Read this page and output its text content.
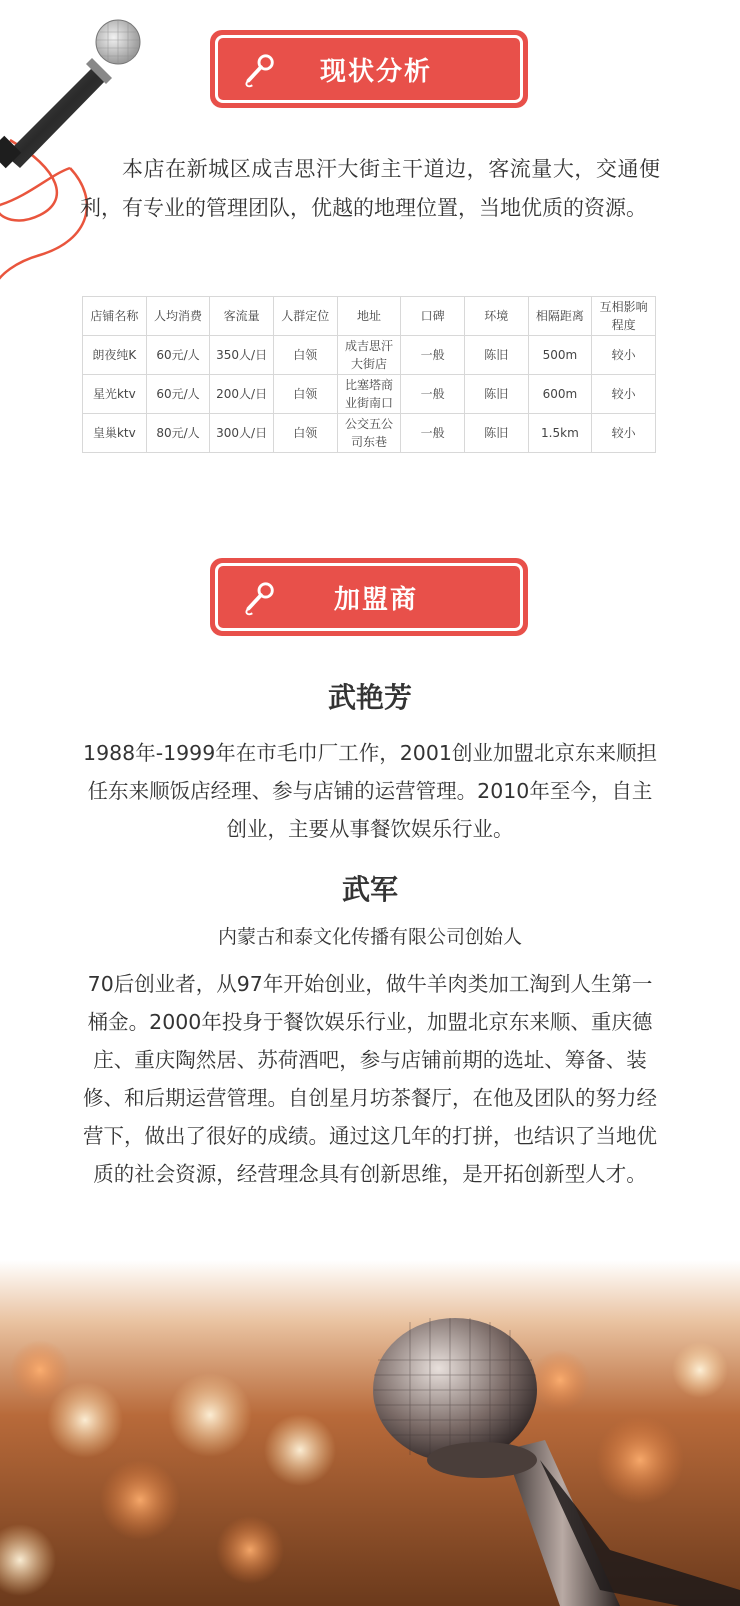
现状分析
本店在新城区成吉思汗大街主干道边，客流量大，交通便利，有专业的管理团队，优越的地理位置，当地优质的资源。
店铺名称	人均消费	客流量	人群定位	地址	口碑	环境	相隔距离	互相影响程度
朗夜纯K	60元/人	350人/日	白领	成吉思汗大街店	一般	陈旧	500m	较小
星光ktv	60元/人	200人/日	白领	比塞塔商业街南口	一般	陈旧	600m	较小
皇巢ktv	80元/人	300人/日	白领	公交五公司东巷	一般	陈旧	1.5km	较小
加盟商
武艳芳
1988年-1999年在市毛巾厂工作，2001创业加盟北京东来顺担任东来顺饭店经理、参与店铺的运营管理。2010年至今，自主创业，主要从事餐饮娱乐行业。
武军
内蒙古和泰文化传播有限公司创始人
70后创业者，从97年开始创业，做牛羊肉类加工淘到人生第一桶金。2000年投身于餐饮娱乐行业，加盟北京东来顺、重庆德庄、重庆陶然居、苏荷酒吧，参与店铺前期的选址、筹备、装修、和后期运营管理。自创星月坊茶餐厅，在他及团队的努力经营下，做出了很好的成绩。通过这几年的打拼，也结识了当地优质的社会资源，经营理念具有创新思维，是开拓创新型人才。
